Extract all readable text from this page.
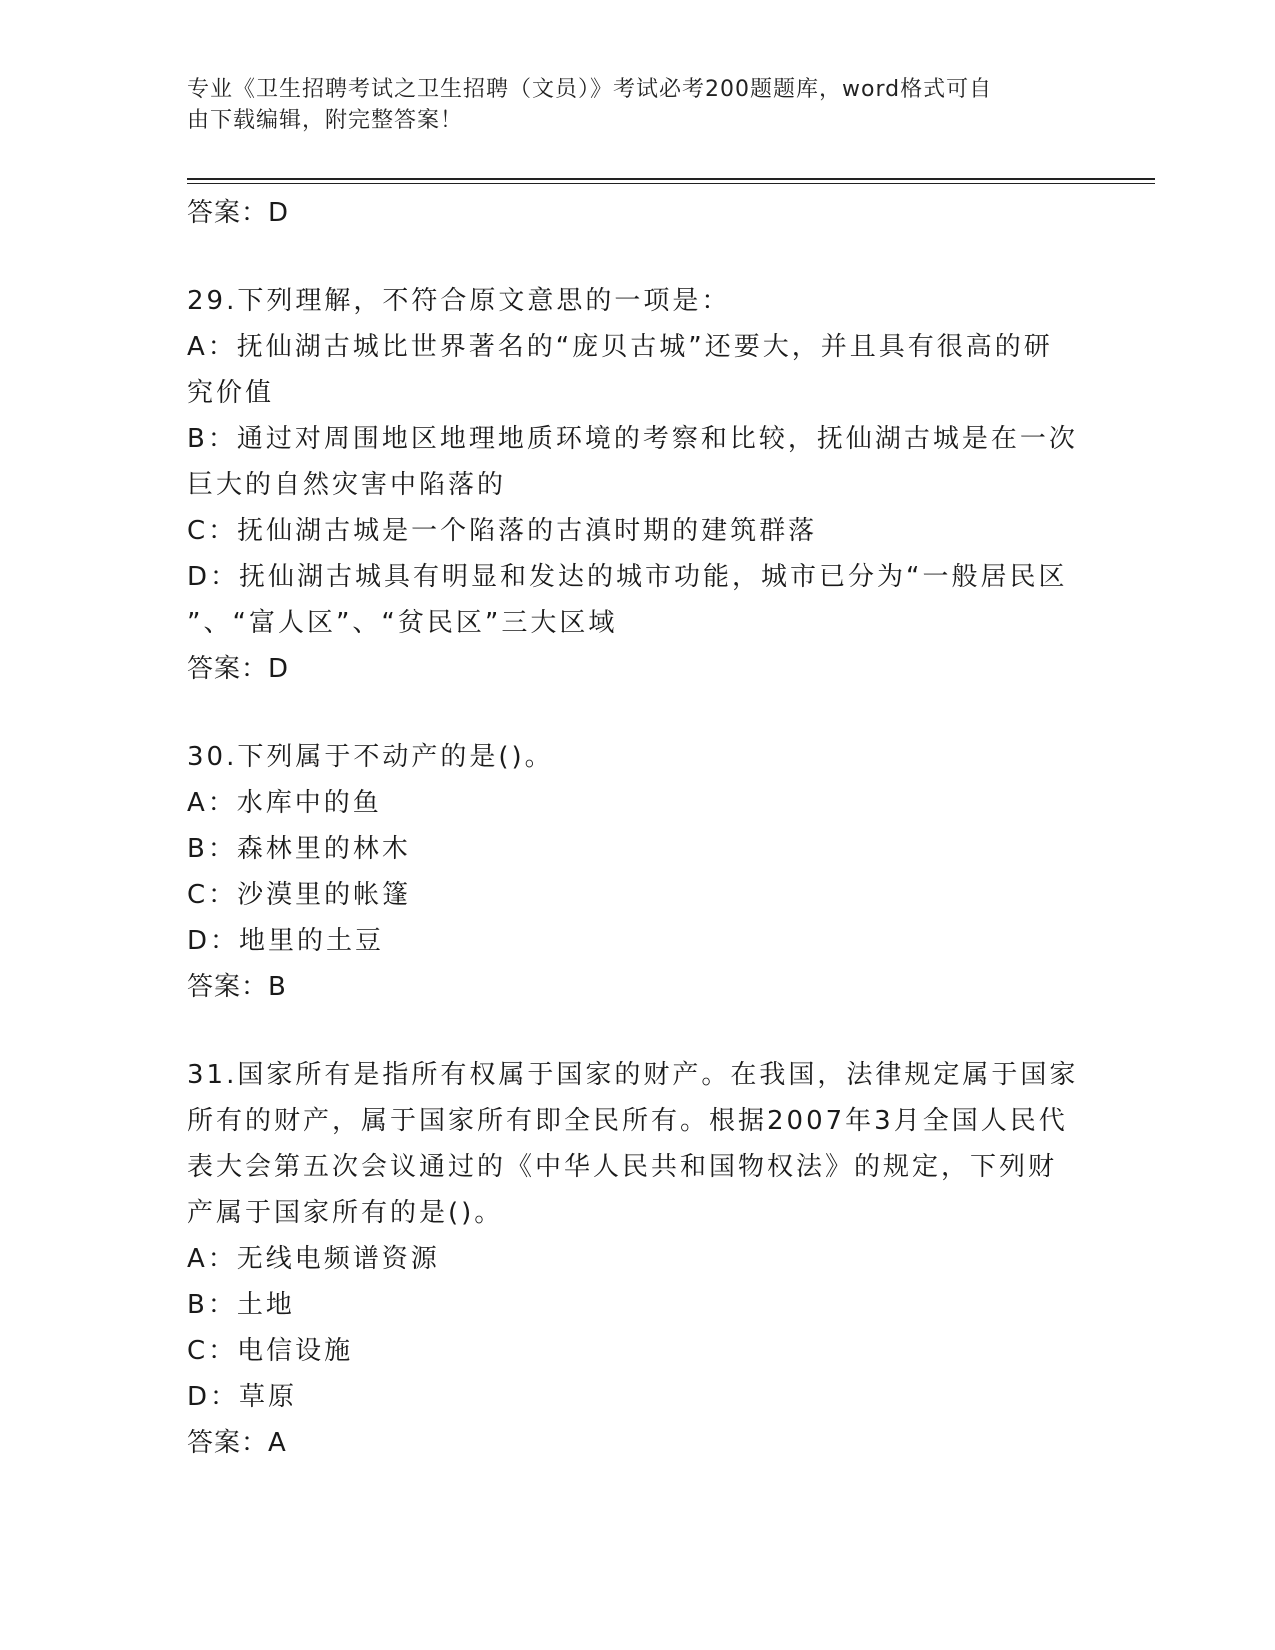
专业《卫生招聘考试之卫生招聘（文员）》考试必考200题题库，word格式可自
由下载编辑，附完整答案！
答案：D
29.下列理解，不符合原文意思的一项是：
A：抚仙湖古城比世界著名的“庞贝古城”还要大，并且具有很高的研
究价值
B：通过对周围地区地理地质环境的考察和比较，抚仙湖古城是在一次
巨大的自然灾害中陷落的
C：抚仙湖古城是一个陷落的古滇时期的建筑群落
D：抚仙湖古城具有明显和发达的城市功能，城市已分为“一般居民区
”、“富人区”、“贫民区”三大区域
答案：D
30.下列属于不动产的是()。
A：水库中的鱼
B：森林里的林木
C：沙漠里的帐篷
D：地里的土豆
答案：B
31.国家所有是指所有权属于国家的财产。在我国，法律规定属于国家
所有的财产，属于国家所有即全民所有。根据2007年3月全国人民代
表大会第五次会议通过的《中华人民共和国物权法》的规定，下列财
产属于国家所有的是()。
A：无线电频谱资源
B：土地
C：电信设施
D：草原
答案：A
